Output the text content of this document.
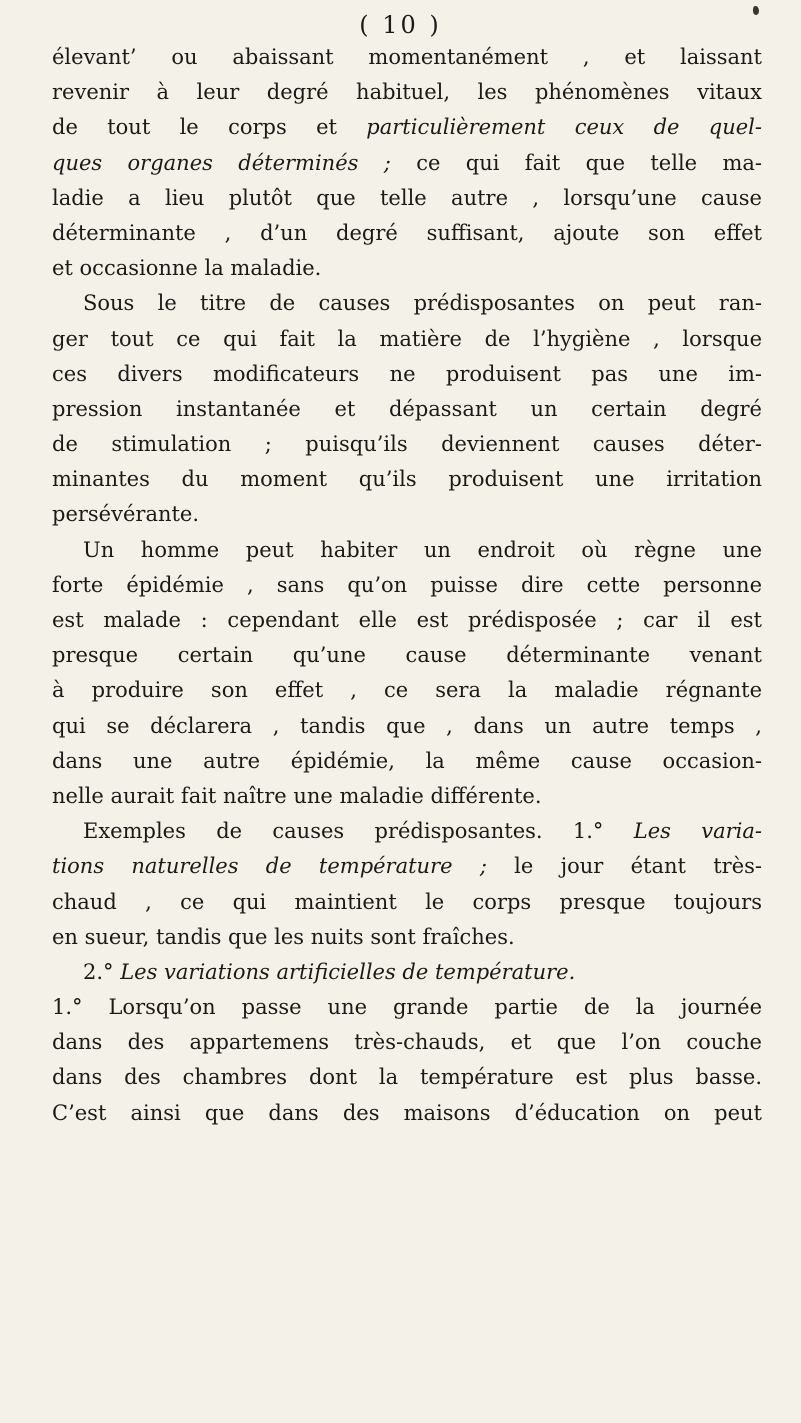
( 10 )
élevant’ ou abaissant momentanément , et laissant
revenir à leur degré habituel, les phénomènes vitaux
de tout le corps et particulièrement ceux de quel-
ques organes déterminés ; ce qui fait que telle ma-
ladie a lieu plutôt que telle autre , lorsqu’une cause
déterminante , d’un degré suffisant, ajoute son effet
et occasionne la maladie.
Sous le titre de causes prédisposantes on peut ran-
ger tout ce qui fait la matière de l’hygiène , lorsque
ces divers modificateurs ne produisent pas une im-
pression instantanée et dépassant un certain degré
de stimulation ; puisqu’ils deviennent causes déter-
minantes du moment qu’ils produisent une irritation
persévérante.
Un homme peut habiter un endroit où règne une
forte épidémie , sans qu’on puisse dire cette personne
est malade : cependant elle est prédisposée ; car il est
presque certain qu’une cause déterminante venant
à produire son effet , ce sera la maladie régnante
qui se déclarera , tandis que , dans un autre temps ,
dans une autre épidémie, la même cause occasion-
nelle aurait fait naître une maladie différente.
Exemples de causes prédisposantes. 1.° Les varia-
tions naturelles de température ; le jour étant très-
chaud , ce qui maintient le corps presque toujours
en sueur, tandis que les nuits sont fraîches.
2.° Les variations artificielles de température.
1.° Lorsqu’on passe une grande partie de la journée
dans des appartemens très-chauds, et que l’on couche
dans des chambres dont la température est plus basse.
C’est ainsi que dans des maisons d’éducation on peut
